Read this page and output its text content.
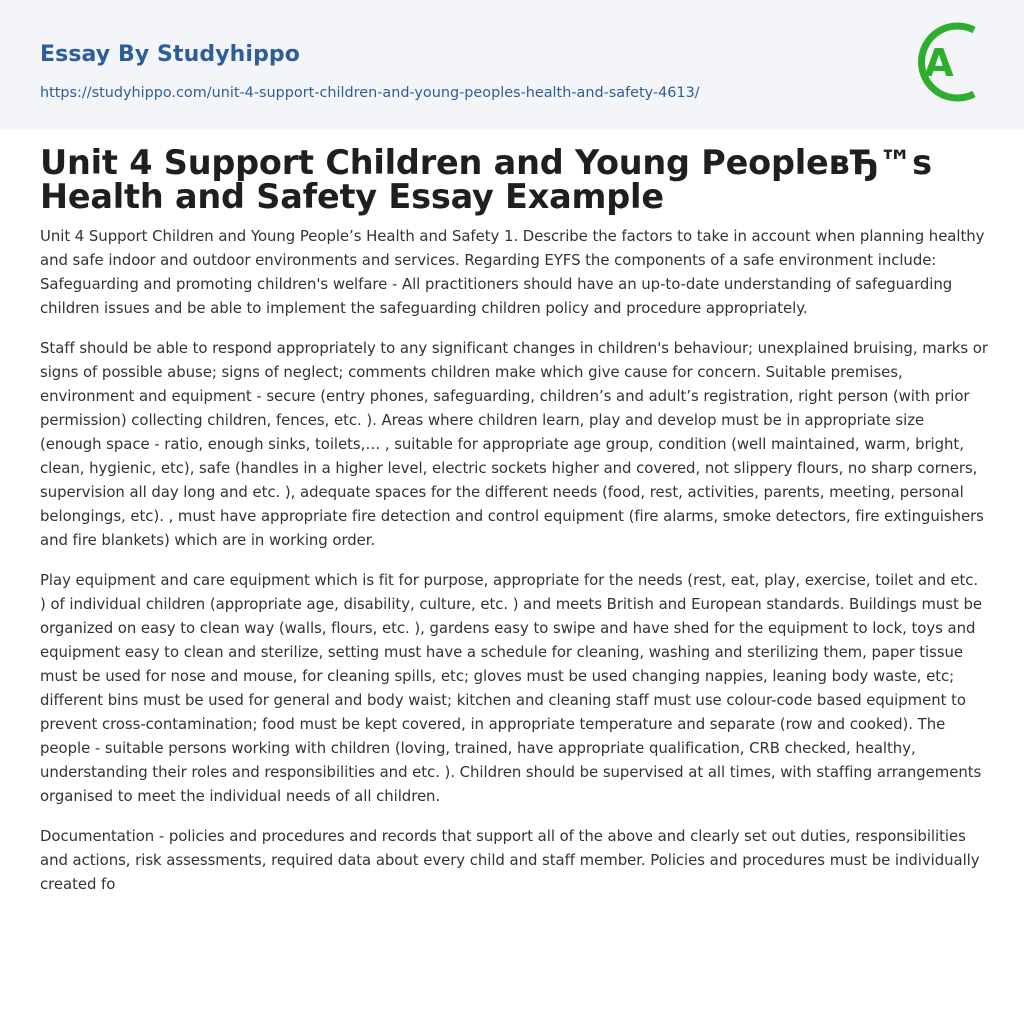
Essay By Studyhippo
https://studyhippo.com/unit-4-support-children-and-young-peoples-health-and-safety-4613/
A
Unit 4 Support Children and Young PeopleвЂ™s Health and Safety Essay Example

Unit 4 Support Children and Young People’s Health and Safety 1. Describe the factors to take in account when planning healthy and safe indoor and outdoor environments and services. Regarding EYFS the components of a safe environment include: Safeguarding and promoting children's welfare - All practitioners should have an up-to-date understanding of safeguarding children issues and be able to implement the safeguarding children policy and procedure appropriately.

Staff should be able to respond appropriately to any significant changes in children's behaviour; unexplained bruising, marks or signs of possible abuse; signs of neglect; comments children make which give cause for concern. Suitable premises, environment and equipment - secure (entry phones, safeguarding, children’s and adult’s registration, right person (with prior permission) collecting children, fences, etc. ). Areas where children learn, play and develop must be in appropriate size (enough space - ratio, enough sinks, toilets,… , suitable for appropriate age group, condition (well maintained, warm, bright, clean, hygienic, etc), safe (handles in a higher level, electric sockets higher and covered, not slippery flours, no sharp corners, supervision all day long and etc. ), adequate spaces for the different needs (food, rest, activities, parents, meeting, personal belongings, etc). , must have appropriate fire detection and control equipment (fire alarms, smoke detectors, fire extinguishers and fire blankets) which are in working order.

Play equipment and care equipment which is fit for purpose, appropriate for the needs (rest, eat, play, exercise, toilet and etc. ) of individual children (appropriate age, disability, culture, etc. ) and meets British and European standards. Buildings must be organized on easy to clean way (walls, flours, etc. ), gardens easy to swipe and have shed for the equipment to lock, toys and equipment easy to clean and sterilize, setting must have a schedule for cleaning, washing and sterilizing them, paper tissue must be used for nose and mouse, for cleaning spills, etc; gloves must be used changing nappies, leaning body waste, etc; different bins must be used for general and body waist; kitchen and cleaning staff must use colour-code based equipment to prevent cross-contamination; food must be kept covered, in appropriate temperature and separate (row and cooked). The people - suitable persons working with children (loving, trained, have appropriate qualification, CRB checked, healthy, understanding their roles and responsibilities and etc. ). Children should be supervised at all times, with staffing arrangements organised to meet the individual needs of all children.

Documentation - policies and procedures and records that support all of the above and clearly set out duties, responsibilities and actions, risk assessments, required data about every child and staff member. Policies and procedures must be individually created fo
